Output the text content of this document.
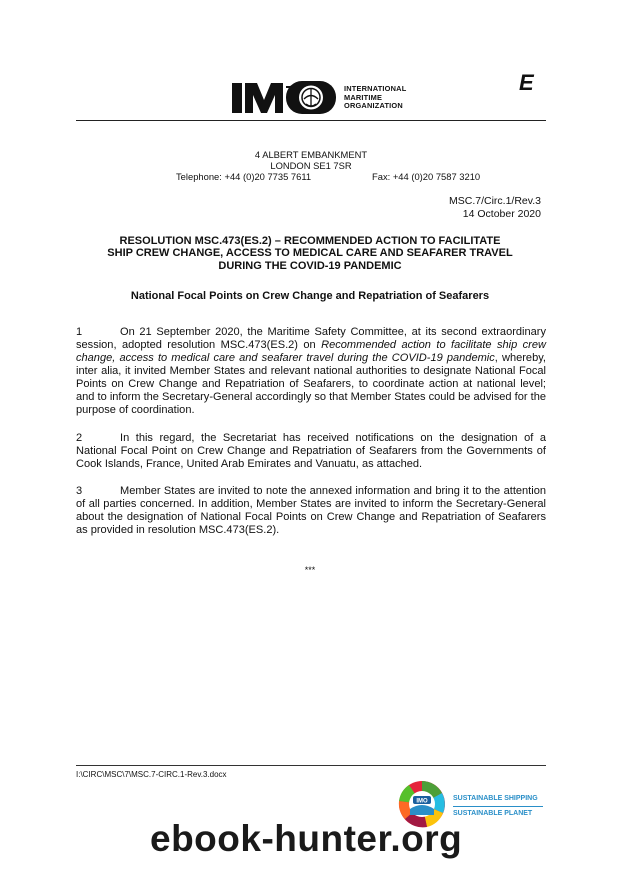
INTERNATIONAL
MARITIME
ORGANIZATION
E
4 ALBERT EMBANKMENT
LONDON SE1 7SR
Telephone: +44 (0)20 7735 7611	Fax: +44 (0)20 7587 3210
MSC.7/Circ.1/Rev.3
14 October 2020
RESOLUTION MSC.473(ES.2) – RECOMMENDED ACTION TO FACILITATE
SHIP CREW CHANGE, ACCESS TO MEDICAL CARE AND SEAFARER TRAVEL
DURING THE COVID-19 PANDEMIC
National Focal Points on Crew Change and Repatriation of Seafarers
1	On 21 September 2020, the Maritime Safety Committee, at its second extraordinary session, adopted resolution MSC.473(ES.2) on Recommended action to facilitate ship crew change, access to medical care and seafarer travel during the COVID-19 pandemic, whereby, inter alia, it invited Member States and relevant national authorities to designate National Focal Points on Crew Change and Repatriation of Seafarers, to coordinate action at national level; and to inform the Secretary-General accordingly so that Member States could be advised for the purpose of coordination.
2	In this regard, the Secretariat has received notifications on the designation of a National Focal Point on Crew Change and Repatriation of Seafarers from the Governments of Cook Islands, France, United Arab Emirates and Vanuatu, as attached.
3	Member States are invited to note the annexed information and bring it to the attention of all parties concerned. In addition, Member States are invited to inform the Secretary-General about the designation of National Focal Points on Crew Change and Repatriation of Seafarers as provided in resolution MSC.473(ES.2).
***
I:\CIRC\MSC\7\MSC.7-CIRC.1-Rev.3.docx
IMO	SUSTAINABLE SHIPPING
SUSTAINABLE PLANET
ebook-hunter.org
